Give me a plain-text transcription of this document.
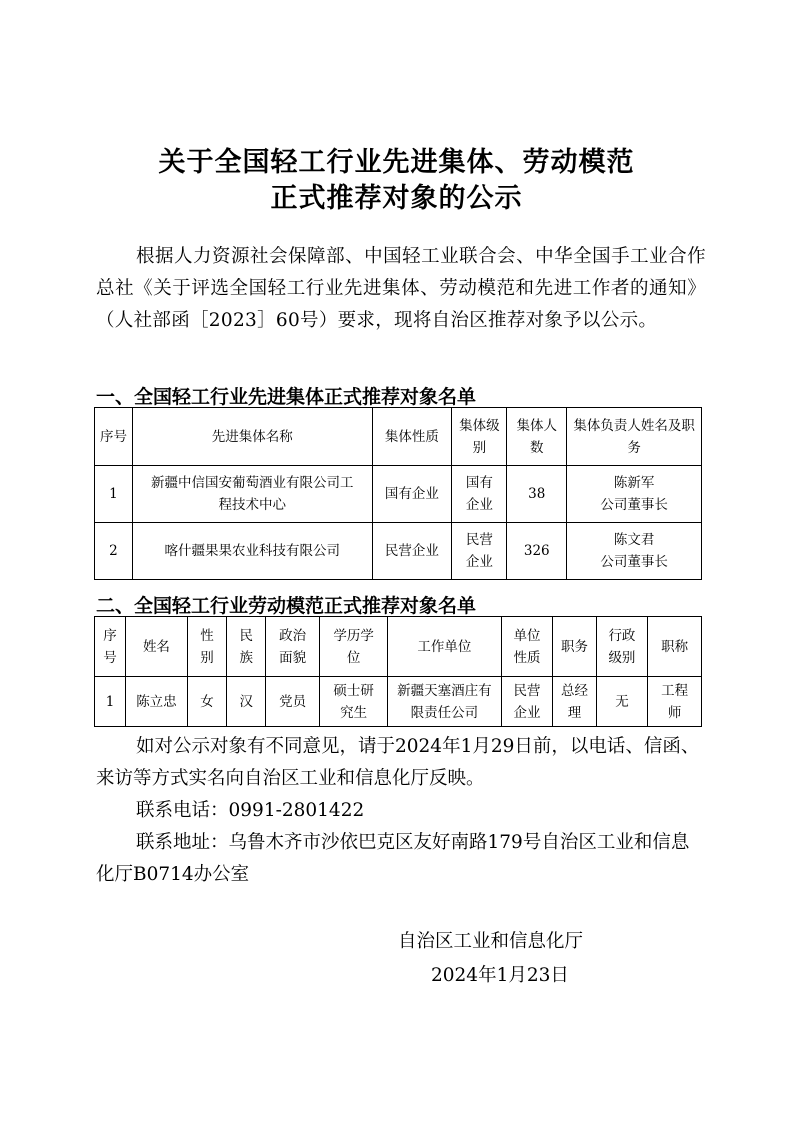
关于全国轻工行业先进集体、劳动模范
正式推荐对象的公示
根据人力资源社会保障部、中国轻工业联合会、中华全国手工业合作总社《关于评选全国轻工行业先进集体、劳动模范和先进工作者的通知》（人社部函［2023］60号）要求，现将自治区推荐对象予以公示。
一、全国轻工行业先进集体正式推荐对象名单
序号	先进集体名称	集体性质	集体级别	集体人数	集体负责人姓名及职务
1	新疆中信国安葡萄酒业有限公司工程技术中心	国有企业	国有企业	38	陈新军
公司董事长

2	喀什疆果果农业科技有限公司	民营企业	民营企业	326	陈文君
公司董事长
二、全国轻工行业劳动模范正式推荐对象名单
序号	姓名	性别	民族	政治面貌	学历学位	工作单位	单位性质	职务	行政级别	职称
1	陈立忠	女	汉	党员	硕士研究生	新疆天塞酒庄有限责任公司	民营企业	总经理	无	工程师
如对公示对象有不同意见，请于2024年1月29日前，以电话、信函、来访等方式实名向自治区工业和信息化厅反映。
联系电话：0991-2801422
联系地址：乌鲁木齐市沙依巴克区友好南路179号自治区工业和信息化厅B0714办公室
自治区工业和信息化厅
2024年1月23日
